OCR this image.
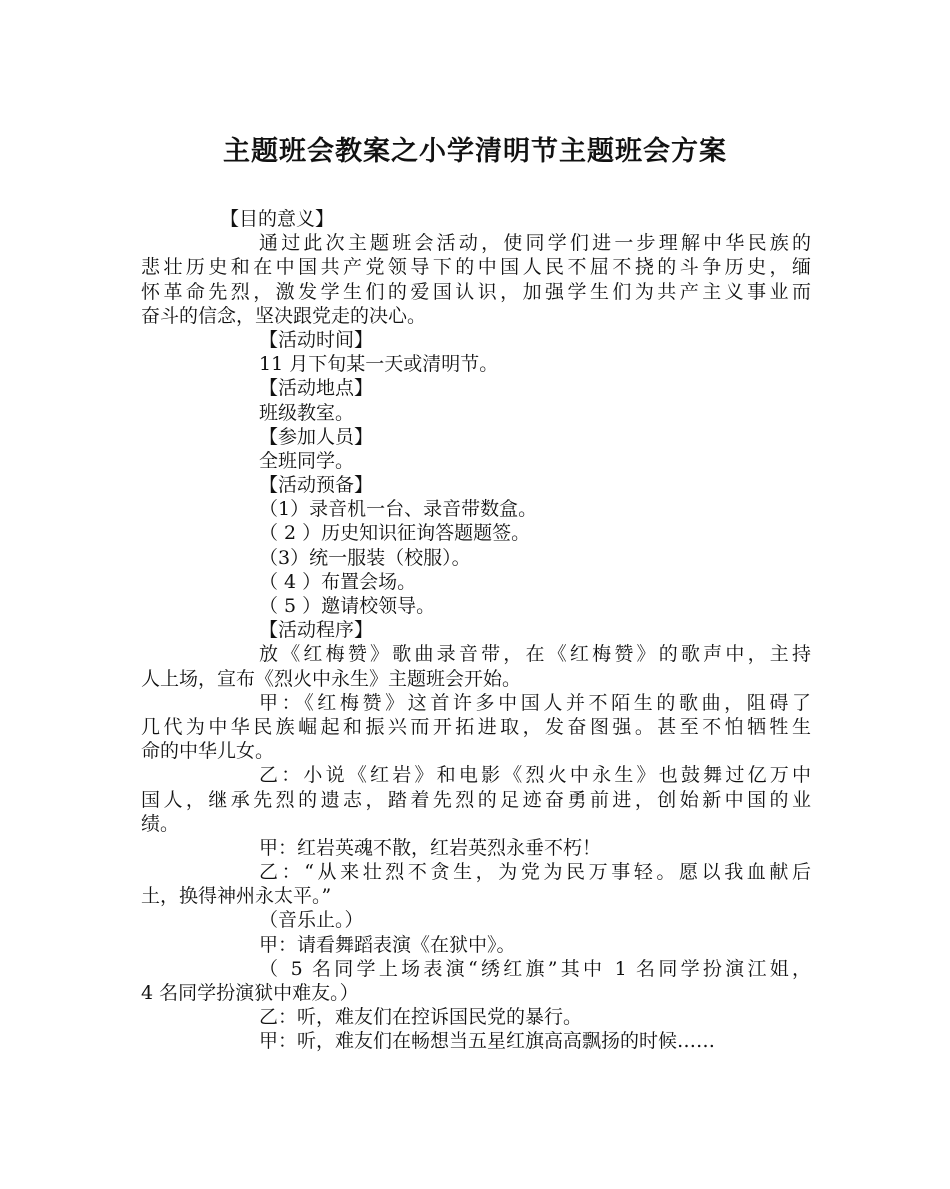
主题班会教案之小学清明节主题班会方案
【目的意义】
通过此次主题班会活动，使同学们进一步理解中华民族的
悲壮历史和在中国共产党领导下的中国人民不屈不挠的斗争历史，缅
怀革命先烈，激发学生们的爱国认识，加强学生们为共产主义事业而
奋斗的信念，坚决跟党走的决心。
【活动时间】
11 月下旬某一天或清明节。
【活动地点】
班级教室。
【参加人员】
全班同学。
【活动预备】
（1）录音机一台、录音带数盒。
（ 2 ）历史知识征询答题题签。
（3）统一服装（校服）。
（ 4 ）布置会场。
（ 5 ）邀请校领导。
【活动程序】
放《红梅赞》歌曲录音带，在《红梅赞》的歌声中，主持
人上场，宣布《烈火中永生》主题班会开始。
甲：《红梅赞》这首许多中国人并不陌生的歌曲，阻碍了
几代为中华民族崛起和振兴而开拓进取，发奋图强。甚至不怕牺牲生
命的中华儿女。
乙：小说《红岩》和电影《烈火中永生》也鼓舞过亿万中
国人，继承先烈的遗志，踏着先烈的足迹奋勇前进，创始新中国的业
绩。
甲：红岩英魂不散，红岩英烈永垂不朽！
乙：“从来壮烈不贪生，为党为民万事轻。愿以我血献后
土，换得神州永太平。”
（音乐止。）
甲：请看舞蹈表演《在狱中》。
（ 5 名同学上场表演“绣红旗”其中 1 名同学扮演江姐，
4 名同学扮演狱中难友。）
乙：听，难友们在控诉国民党的暴行。
甲：听，难友们在畅想当五星红旗高高飘扬的时候……
